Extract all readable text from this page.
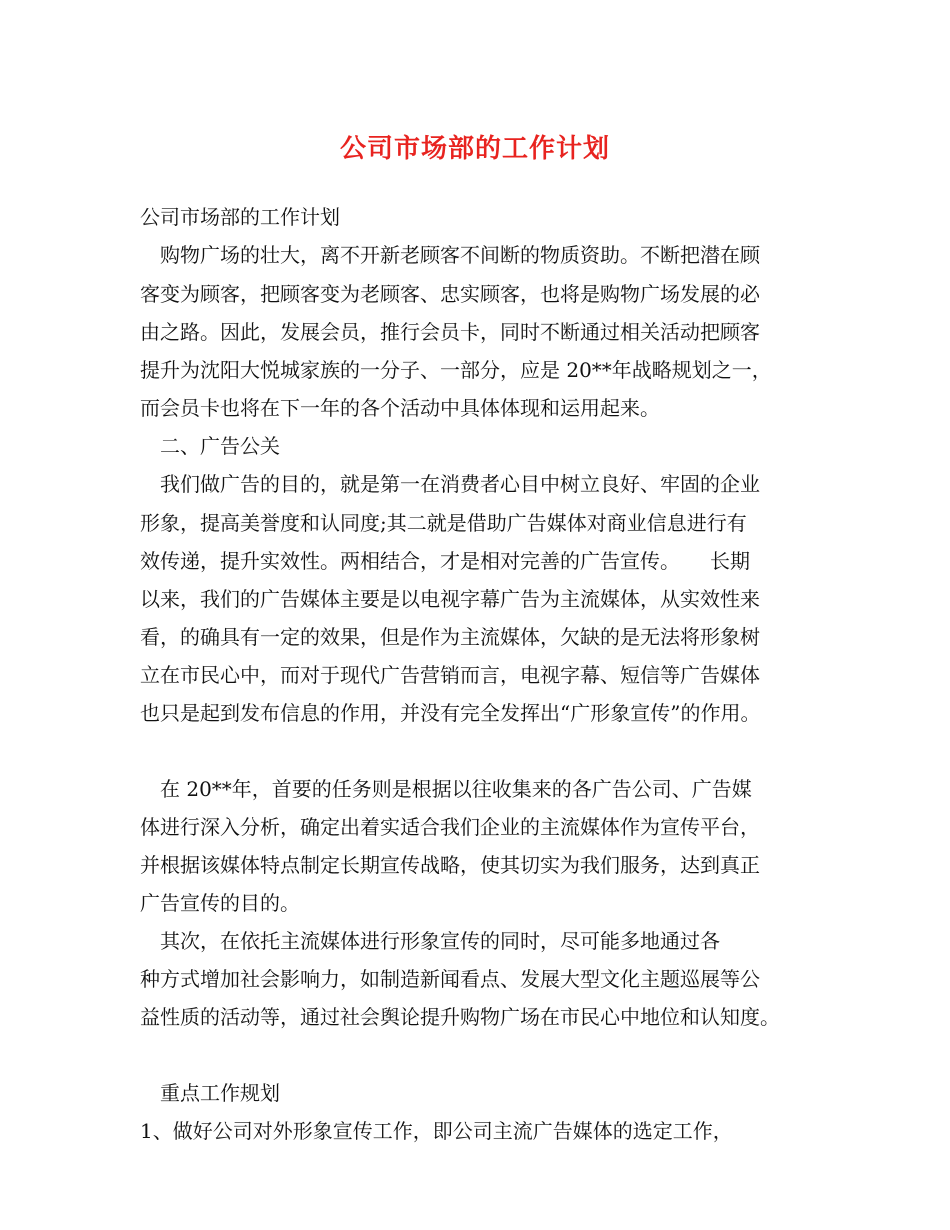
公司市场部的工作计划
公司市场部的工作计划
　购物广场的壮大，离不开新老顾客不间断的物质资助。不断把潜在顾
客变为顾客，把顾客变为老顾客、忠实顾客，也将是购物广场发展的必
由之路。因此，发展会员，推行会员卡，同时不断通过相关活动把顾客
提升为沈阳大悦城家族的一分子、一部分，应是 20**年战略规划之一，
而会员卡也将在下一年的各个活动中具体体现和运用起来。
　二、广告公关
　我们做广告的目的，就是第一在消费者心目中树立良好、牢固的企业
形象，提高美誉度和认同度;其二就是借助广告媒体对商业信息进行有
效传递，提升实效性。两相结合，才是相对完善的广告宣传。　　长期
以来，我们的广告媒体主要是以电视字幕广告为主流媒体，从实效性来
看，的确具有一定的效果，但是作为主流媒体，欠缺的是无法将形象树
立在市民心中，而对于现代广告营销而言，电视字幕、短信等广告媒体
也只是起到发布信息的作用，并没有完全发挥出“广形象宣传”的作用。
　在 20**年，首要的任务则是根据以往收集来的各广告公司、广告媒
体进行深入分析，确定出着实适合我们企业的主流媒体作为宣传平台，
并根据该媒体特点制定长期宣传战略，使其切实为我们服务，达到真正
广告宣传的目的。
　其次，在依托主流媒体进行形象宣传的同时，尽可能多地通过各
种方式增加社会影响力，如制造新闻看点、发展大型文化主题巡展等公
益性质的活动等，通过社会舆论提升购物广场在市民心中地位和认知度。
　重点工作规划
1、做好公司对外形象宣传工作，即公司主流广告媒体的选定工作，
